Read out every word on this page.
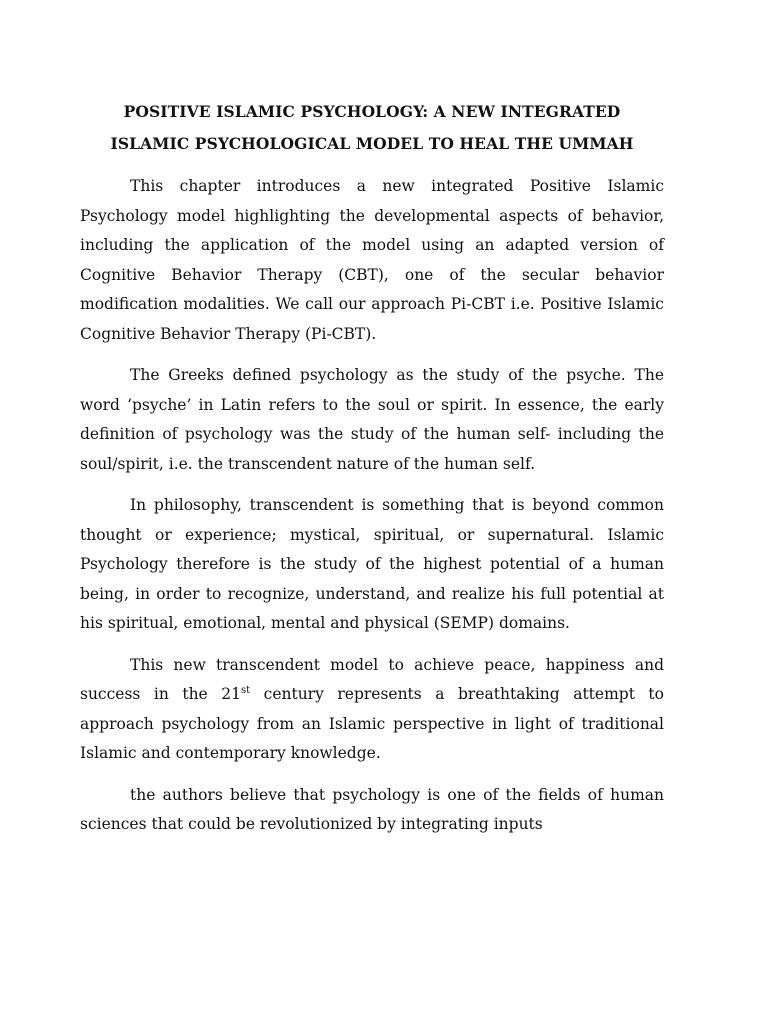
POSITIVE ISLAMIC PSYCHOLOGY: A NEW INTEGRATED
ISLAMIC PSYCHOLOGICAL MODEL TO HEAL THE UMMAH

This chapter introduces a new integrated Positive Islamic Psychology model highlighting the developmental aspects of behavior, including the application of the model using an adapted version of Cognitive Behavior Therapy (CBT), one of the secular behavior modification modalities. We call our approach Pi-CBT i.e. Positive Islamic Cognitive Behavior Therapy (Pi-CBT).

The Greeks defined psychology as the study of the psyche. The word ‘psyche’ in Latin refers to the soul or spirit. In essence, the early definition of psychology was the study of the human self- including the soul/spirit, i.e. the transcendent nature of the human self.

In philosophy, transcendent is something that is beyond common thought or experience; mystical, spiritual, or supernatural. Islamic Psychology therefore is the study of the highest potential of a human being, in order to recognize, understand, and realize his full potential at his spiritual, emotional, mental and physical (SEMP) domains.

This new transcendent model to achieve peace, happiness and success in the 21st century represents a breathtaking attempt to approach psychology from an Islamic perspective in light of traditional Islamic and contemporary knowledge.

the authors believe that psychology is one of the fields of human sciences that could be revolutionized by integrating inputs
